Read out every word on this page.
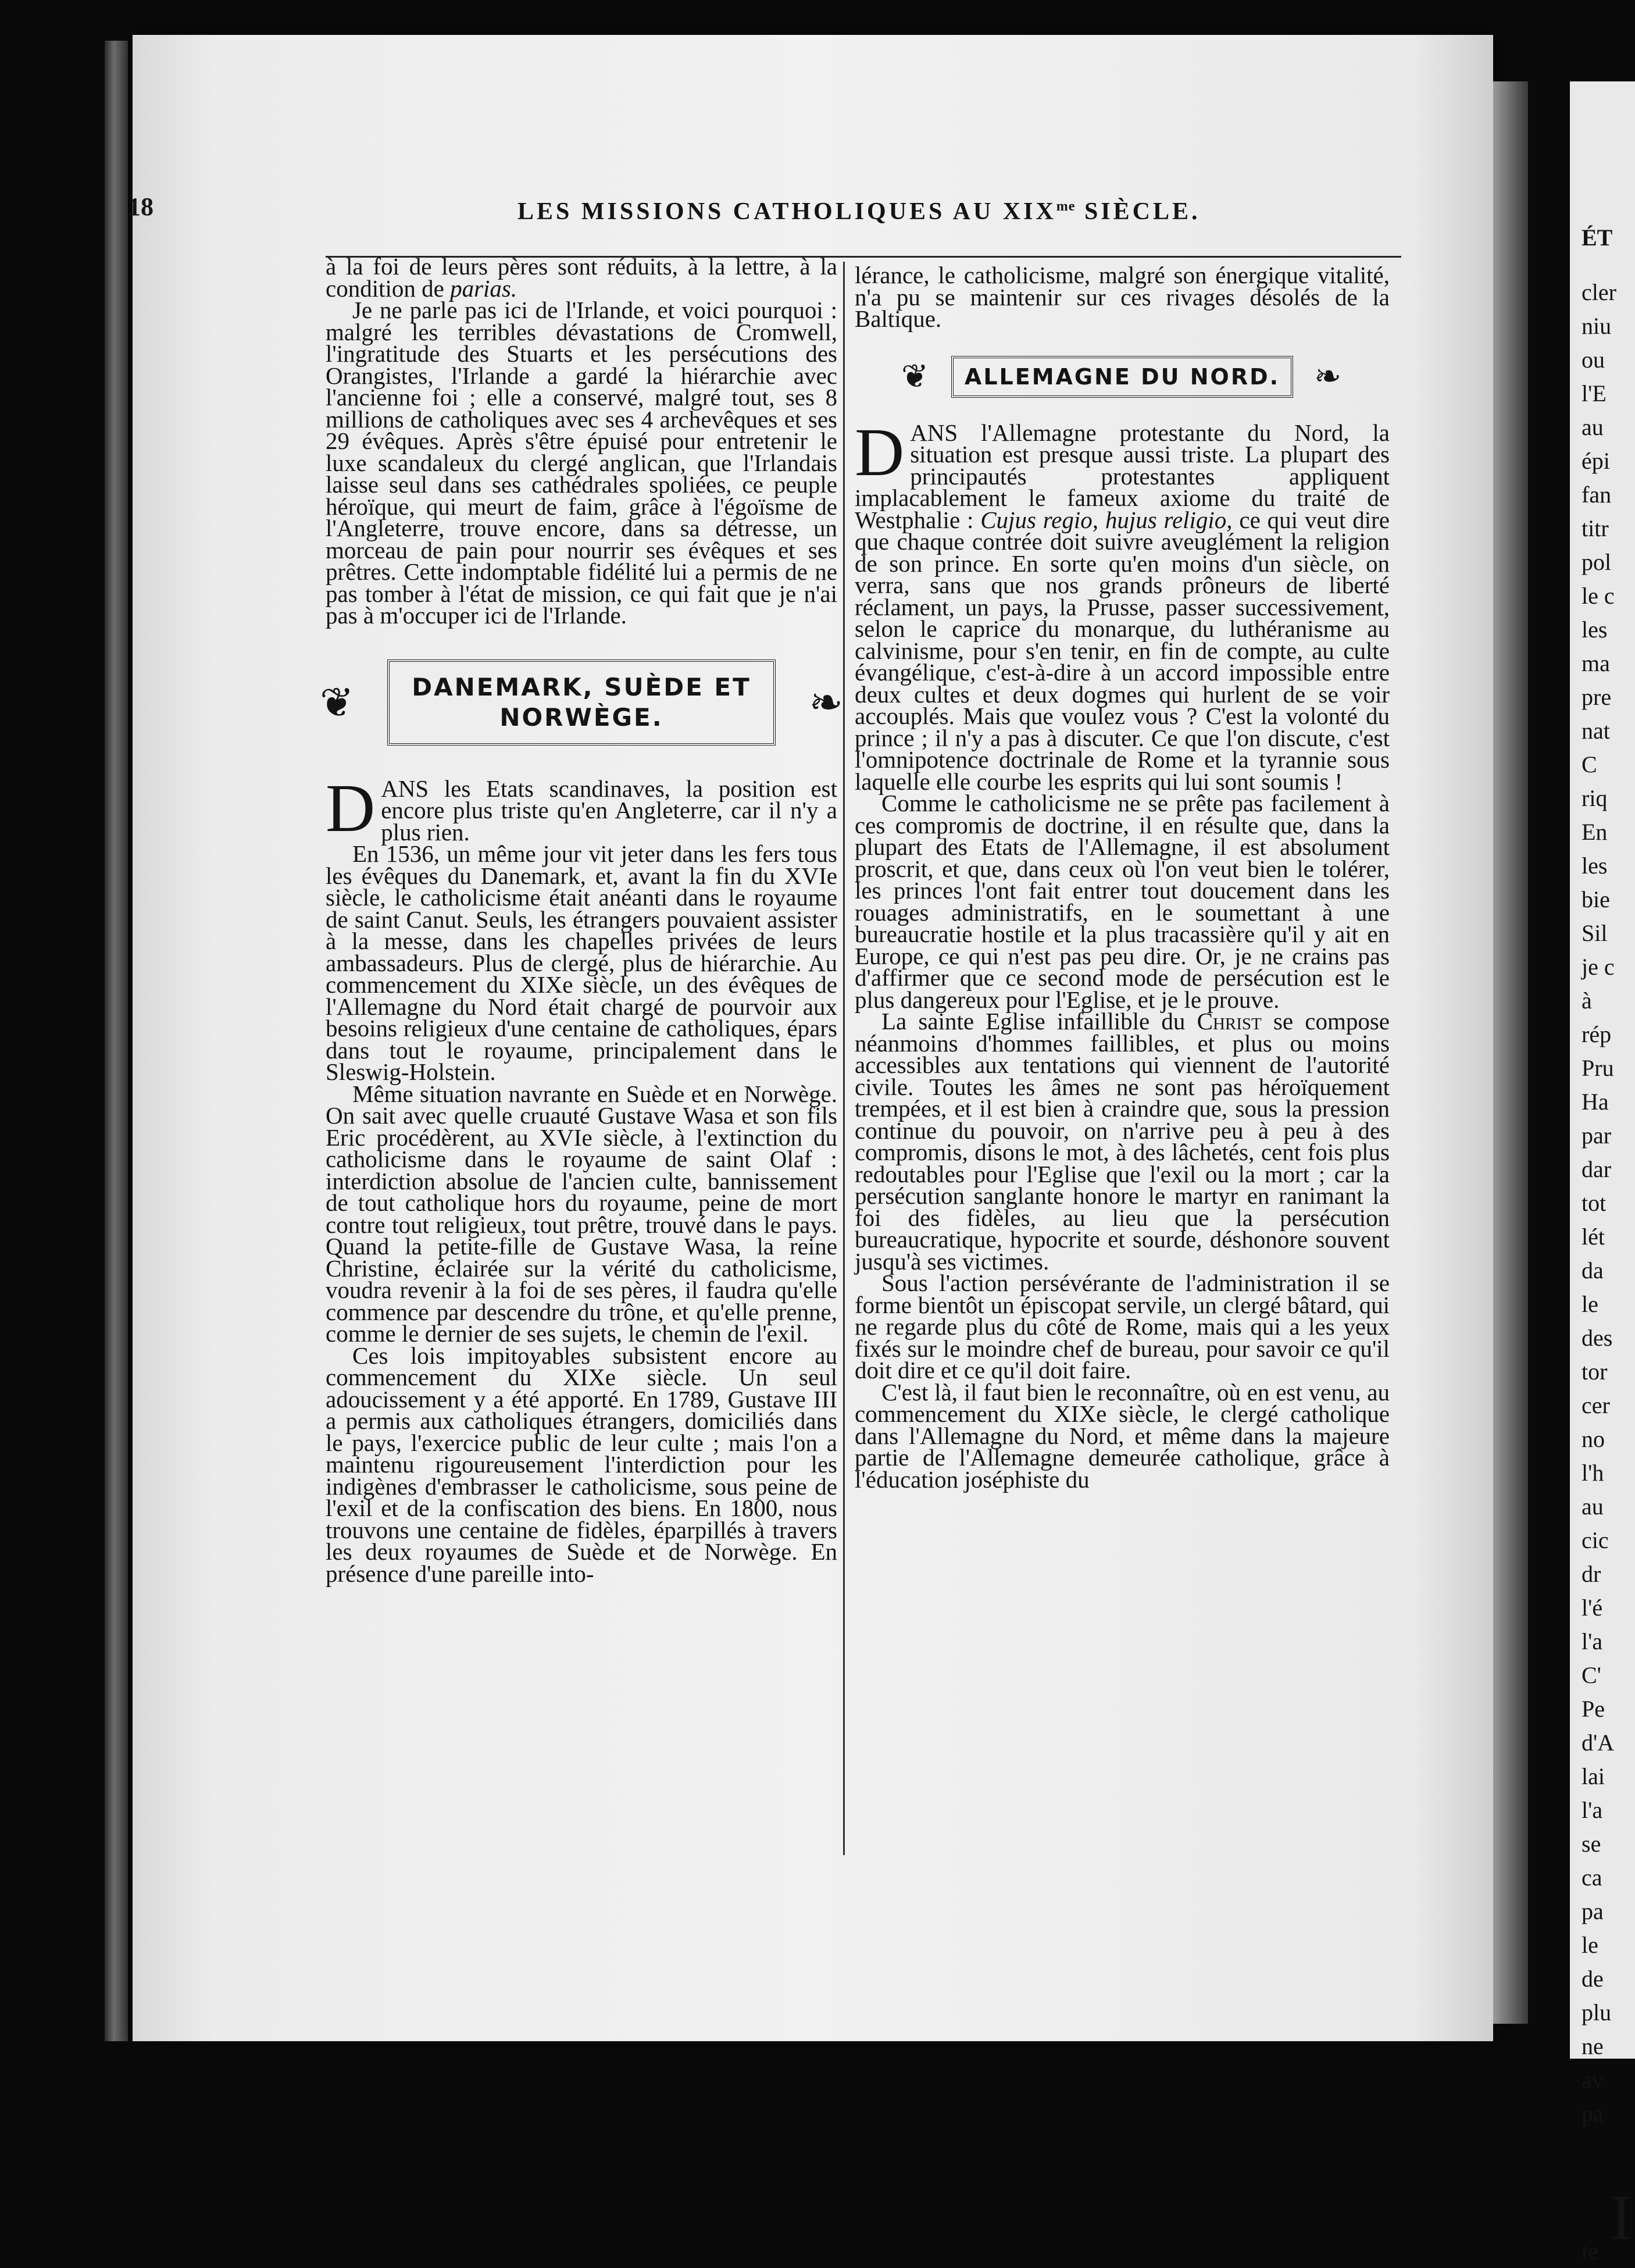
18	LES MISSIONS CATHOLIQUES AU $XIX^{me}$ SIÈCLE.

à la foi de leurs pères sont réduits, à la lettre, à la condition de parias.

Je ne parle pas ici de l'Irlande, et voici pourquoi : malgré les terribles dévastations de Cromwell, l'ingratitude des Stuarts et les persécutions des Orangistes, l'Irlande a gardé la hiérarchie avec l'ancienne foi ; elle a conservé, malgré tout, ses 8 millions de catholiques avec ses 4 archevêques et ses 29 évêques. Après s'être épuisé pour entretenir le luxe scandaleux du clergé anglican, que l'Irlandais laisse seul dans ses cathédrales spoliées, ce peuple héroïque, qui meurt de faim, grâce à l'égoïsme de l'Angleterre, trouve encore, dans sa détresse, un morceau de pain pour nourrir ses évêques et ses prêtres. Cette indomptable fidélité lui a permis de ne pas tomber à l'état de mission, ce qui fait que je n'ai pas à m'occuper ici de l'Irlande.

❦ DANEMARK, SUÈDE ET NORWÈGE.	❧

DANS les Etats scandinaves, la position est encore plus triste qu'en Angleterre, car il n'y a plus rien.

En 1536, un même jour vit jeter dans les fers tous les évêques du Danemark, et, avant la fin du XVIe siècle, le catholicisme était anéanti dans le royaume de saint Canut. Seuls, les étrangers pouvaient assister à la messe, dans les chapelles privées de leurs ambassadeurs. Plus de clergé, plus de hiérarchie. Au commencement du XIXe siècle, un des évêques de l'Allemagne du Nord était chargé de pourvoir aux besoins religieux d'une centaine de catholiques, épars dans tout le royaume, principalement dans le Sleswig-Holstein.

Même situation navrante en Suède et en Norwège. On sait avec quelle cruauté Gustave Wasa et son fils Eric procédèrent, au XVIe siècle, à l'extinction du catholicisme dans le royaume de saint Olaf : interdiction absolue de l'ancien culte, bannissement de tout catholique hors du royaume, peine de mort contre tout religieux, tout prêtre, trouvé dans le pays. Quand la petite-fille de Gustave Wasa, la reine Christine, éclairée sur la vérité du catholicisme, voudra revenir à la foi de ses pères, il faudra qu'elle commence par descendre du trône, et qu'elle prenne, comme le dernier de ses sujets, le chemin de l'exil.

Ces lois impitoyables subsistent encore au commencement du XIXe siècle. Un seul adoucissement y a été apporté. En 1789, Gustave III a permis aux catholiques étrangers, domiciliés dans le pays, l'exercice public de leur culte ; mais l'on a maintenu rigoureusement l'interdiction pour les indigènes d'embrasser le catholicisme, sous peine de l'exil et de la confiscation des biens. En 1800, nous trouvons une centaine de fidèles, éparpillés à travers les deux royaumes de Suède et de Norwège. En présence d'une pareille into-

lérance, le catholicisme, malgré son énergique vitalité, n'a pu se maintenir sur ces rivages désolés de la Baltique.

❦ ALLEMAGNE DU NORD. ❧

DANS l'Allemagne protestante du Nord, la situation est presque aussi triste. La plupart des principautés protestantes appliquent implacablement le fameux axiome du traité de Westphalie : Cujus regio, hujus religio, ce qui veut dire que chaque contrée doit suivre aveuglément la religion de son prince. En sorte qu'en moins d'un siècle, on verra, sans que nos grands prôneurs de liberté réclament, un pays, la Prusse, passer successivement, selon le caprice du monarque, du luthéranisme au calvinisme, pour s'en tenir, en fin de compte, au culte évangélique, c'est-à-dire à un accord impossible entre deux cultes et deux dogmes qui hurlent de se voir accouplés. Mais que voulez vous ? C'est la volonté du prince ; il n'y a pas à discuter. Ce que l'on discute, c'est l'omnipotence doctrinale de Rome et la tyrannie sous laquelle elle courbe les esprits qui lui sont soumis !

Comme le catholicisme ne se prête pas facilement à ces compromis de doctrine, il en résulte que, dans la plupart des Etats de l'Allemagne, il est absolument proscrit, et que, dans ceux où l'on veut bien le tolérer, les princes l'ont fait entrer tout doucement dans les rouages administratifs, en le soumettant à une bureaucratie hostile et la plus tracassière qu'il y ait en Europe, ce qui n'est pas peu dire. Or, je ne crains pas d'affirmer que ce second mode de persécution est le plus dangereux pour l'Eglise, et je le prouve.

La sainte Eglise infaillible du Christ se compose néanmoins d'hommes faillibles, et plus ou moins accessibles aux tentations qui viennent de l'autorité civile. Toutes les âmes ne sont pas héroïquement trempées, et il est bien à craindre que, sous la pression continue du pouvoir, on n'arrive peu à peu à des compromis, disons le mot, à des lâchetés, cent fois plus redoutables pour l'Eglise que l'exil ou la mort ; car la persécution sanglante honore le martyr en ranimant la foi des fidèles, au lieu que la persécution bureaucratique, hypocrite et sourde, déshonore souvent jusqu'à ses victimes.

Sous l'action persévérante de l'administration il se forme bientôt un épiscopat servile, un clergé bâtard, qui ne regarde plus du côté de Rome, mais qui a les yeux fixés sur le moindre chef de bureau, pour savoir ce qu'il doit dire et ce qu'il doit faire.

C'est là, il faut bien le reconnaître, où en est venu, au commencement du XIXe siècle, le clergé catholique dans l'Allemagne du Nord, et même dans la majeure partie de l'Allemagne demeurée catholique, grâce à l'éducation joséphiste du

ÉT
cler
niu
ou
l'E
au
épi
fan
titr
pol
le c
les
ma
pre
nat
C
riq
En
les
bie
Sil
je c
à
rép
Pru
Ha
par
dar
tot
lét
da
le
des
tor
cer
no
l'h
au
cic
dr
l'é
l'a
C'
Pe
d'A
lai
l'a
se
ca
pa
le
de
plu
ne
av
pa
I
te
